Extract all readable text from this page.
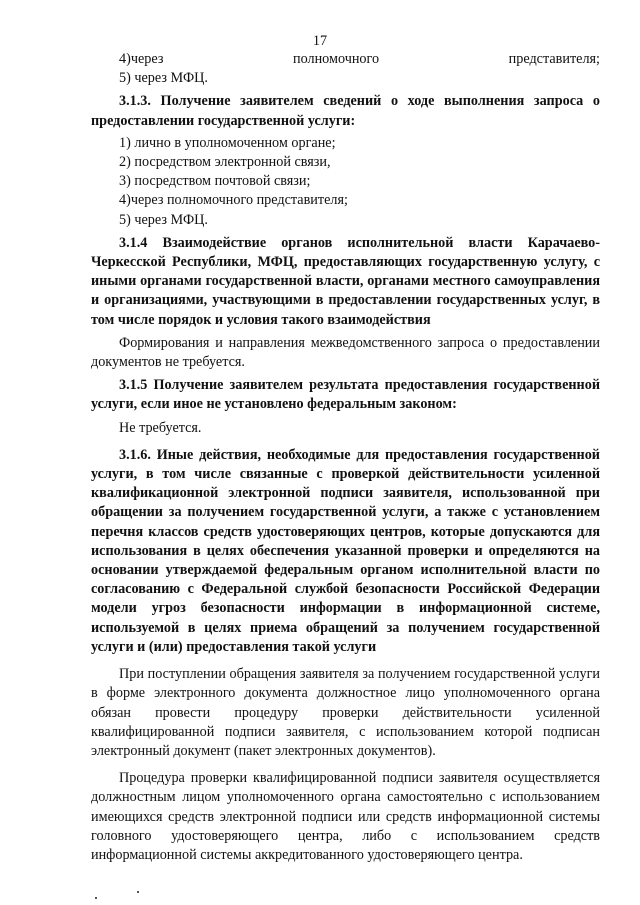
17

4)через полномочного представителя;

5) через МФЦ.

3.1.3. Получение заявителем сведений о ходе выполнения запроса о предоставлении государственной услуги:

1) лично в уполномоченном органе;

2) посредством электронной связи,

3) посредством почтовой связи;

4)через полномочного представителя;

5) через МФЦ.

3.1.4 Взаимодействие органов исполнительной власти Карачаево-Черкесской Республики, МФЦ, предоставляющих государственную услугу, с иными органами государственной власти, органами местного самоуправления и организациями, участвующими в предоставлении государственных услуг, в том числе порядок и условия такого взаимодействия

Формирования и направления межведомственного запроса о предоставлении документов не требуется.

3.1.5 Получение заявителем результата предоставления государственной услуги, если иное не установлено федеральным законом:

Не требуется.

3.1.6. Иные действия, необходимые для предоставления государственной услуги, в том числе связанные с проверкой действительности усиленной квалификационной электронной подписи заявителя, использованной при обращении за получением государственной услуги, а также с установлением перечня классов средств удостоверяющих центров, которые допускаются для использования в целях обеспечения указанной проверки и определяются на основании утверждаемой федеральным органом исполнительной власти по согласованию с Федеральной службой безопасности Российской Федерации модели угроз безопасности информации в информационной системе, используемой в целях приема обращений за получением государственной услуги и (или) предоставления такой услуги

При поступлении обращения заявителя за получением государственной услуги в форме электронного документа должностное лицо уполномоченного органа обязан провести процедуру проверки действительности усиленной квалифицированной подписи заявителя, с использованием которой подписан электронный документ (пакет электронных документов).

Процедура проверки квалифицированной подписи заявителя осуществляется должностным лицом уполномоченного органа самостоятельно с использованием имеющихся средств электронной подписи или средств информационной системы головного удостоверяющего центра, либо с использованием средств информационной системы аккредитованного удостоверяющего центра.
